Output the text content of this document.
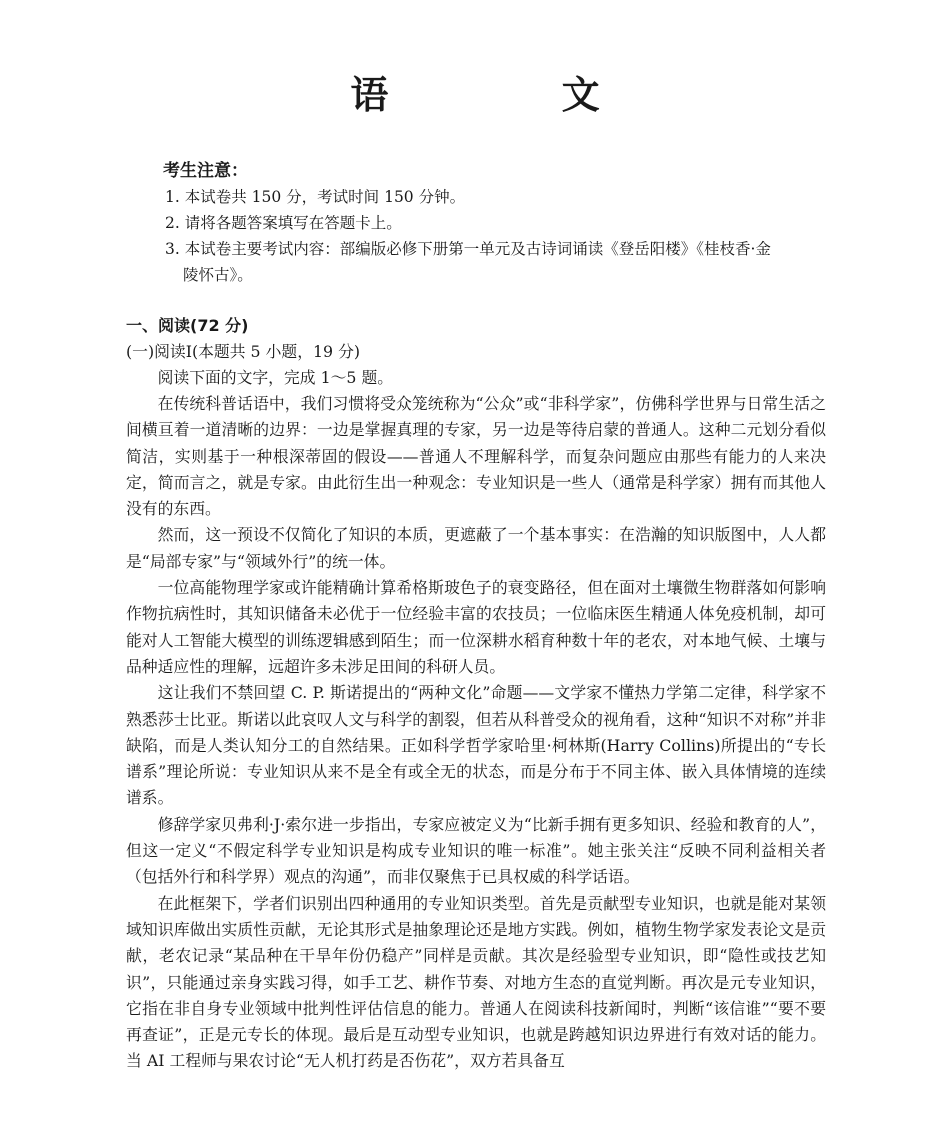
语 文
考生注意：
1. 本试卷共 150 分，考试时间 150 分钟。
2. 请将各题答案填写在答题卡上。
3. 本试卷主要考试内容：部编版必修下册第一单元及古诗词诵读《登岳阳楼》《桂枝香·金
陵怀古》。
一、阅读(72 分)
(一)阅读Ⅰ(本题共 5 小题，19 分)

阅读下面的文字，完成 1～5 题。

在传统科普话语中，我们习惯将受众笼统称为“公众”或“非科学家”，仿佛科学世界与日常生活之间横亘着一道清晰的边界：一边是掌握真理的专家，另一边是等待启蒙的普通人。这种二元划分看似简洁，实则基于一种根深蒂固的假设——普通人不理解科学，而复杂问题应由那些有能力的人来决定，简而言之，就是专家。由此衍生出一种观念：专业知识是一些人（通常是科学家）拥有而其他人没有的东西。

然而，这一预设不仅简化了知识的本质，更遮蔽了一个基本事实：在浩瀚的知识版图中，人人都是“局部专家”与“领域外行”的统一体。

一位高能物理学家或许能精确计算希格斯玻色子的衰变路径，但在面对土壤微生物群落如何影响作物抗病性时，其知识储备未必优于一位经验丰富的农技员；一位临床医生精通人体免疫机制，却可能对人工智能大模型的训练逻辑感到陌生；而一位深耕水稻育种数十年的老农，对本地气候、土壤与品种适应性的理解，远超许多未涉足田间的科研人员。

这让我们不禁回望 C. P. 斯诺提出的“两种文化”命题——文学家不懂热力学第二定律，科学家不熟悉莎士比亚。斯诺以此哀叹人文与科学的割裂，但若从科普受众的视角看，这种“知识不对称”并非缺陷，而是人类认知分工的自然结果。正如科学哲学家哈里·柯林斯(Harry Collins)所提出的“专长谱系”理论所说：专业知识从来不是全有或全无的状态，而是分布于不同主体、嵌入具体情境的连续谱系。

修辞学家贝弗利·J·索尔进一步指出，专家应被定义为“比新手拥有更多知识、经验和教育的人”，但这一定义“不假定科学专业知识是构成专业知识的唯一标准”。她主张关注“反映不同利益相关者（包括外行和科学界）观点的沟通”，而非仅聚焦于已具权威的科学话语。

在此框架下，学者们识别出四种通用的专业知识类型。首先是贡献型专业知识，也就是能对某领域知识库做出实质性贡献，无论其形式是抽象理论还是地方实践。例如，植物生物学家发表论文是贡献，老农记录“某品种在干旱年份仍稳产”同样是贡献。其次是经验型专业知识，即“隐性或技艺知识”，只能通过亲身实践习得，如手工艺、耕作节奏、对地方生态的直觉判断。再次是元专业知识，它指在非自身专业领域中批判性评估信息的能力。普通人在阅读科技新闻时，判断“该信谁”“要不要再查证”，正是元专长的体现。最后是互动型专业知识，也就是跨越知识边界进行有效对话的能力。当 AI 工程师与果农讨论“无人机打药是否伤花”，双方若具备互
